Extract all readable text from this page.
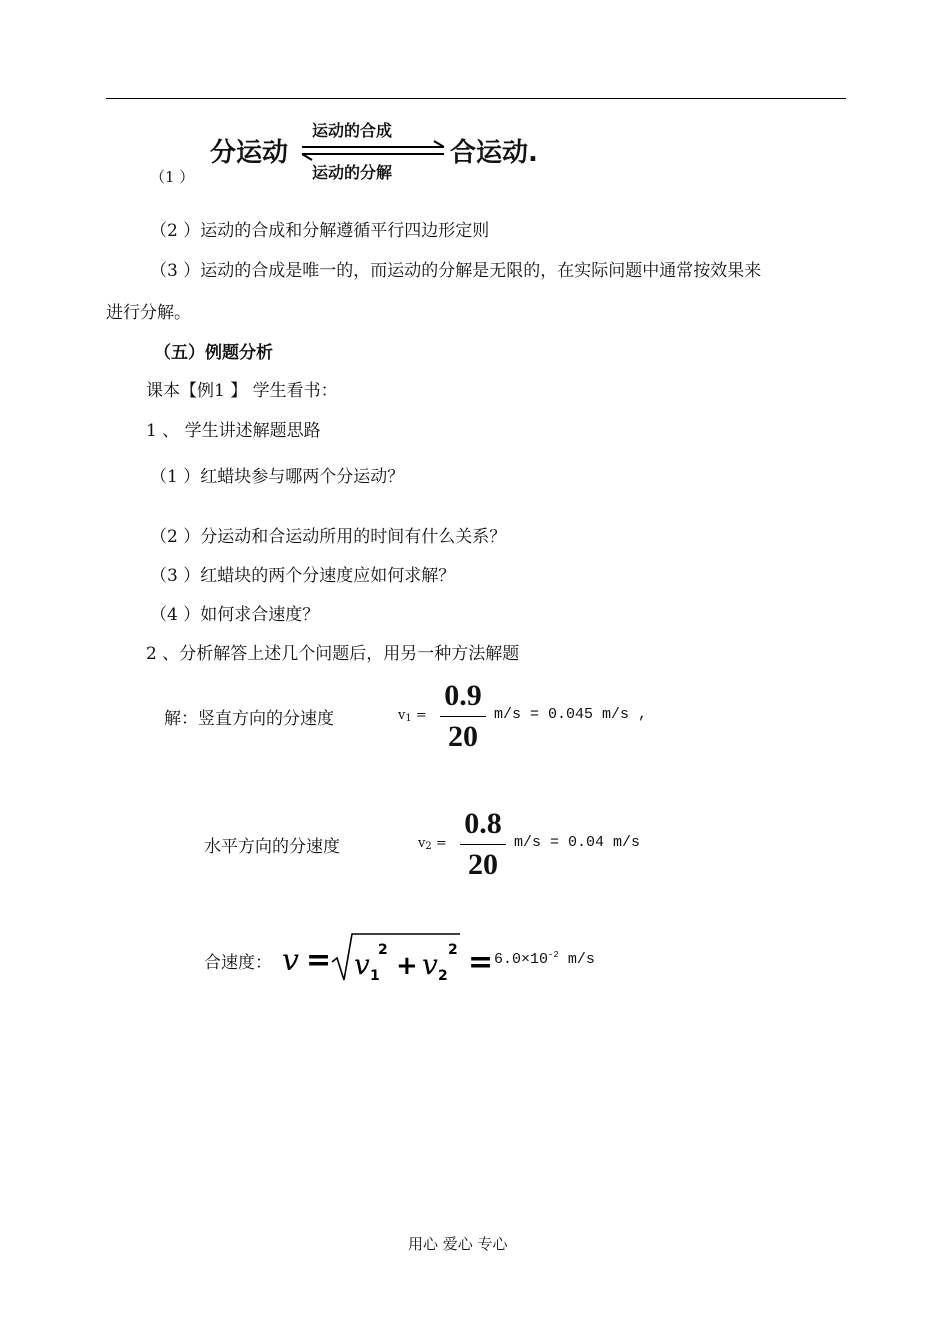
分运动
运动的合成
运动的分解
合运动.
（1 ）
（2 ）运动的合成和分解遵循平行四边形定则
（3 ）运动的合成是唯一的，而运动的分解是无限的，在实际问题中通常按效果来
进行分解。
（五）例题分析
课本【例1 】 学生看书：
1 、 学生讲述解题思路
（1 ）红蜡块参与哪两个分运动？
（2 ）分运动和合运动所用的时间有什么关系？
（3 ）红蜡块的两个分速度应如何求解？
（4 ）如何求合速度？
2 、分析解答上述几个问题后，用另一种方法解题
解：竖直方向的分速度	$v_1$ =
0.9
20
m/s = 0.045 m/s ,
水平方向的分速度	$v_2$ =
0.8
20
m/s = 0.04 m/s
合速度： v = v 1
2
+ v 2
$2 = 6.0\times 10^{-2}$ m/s
用心 爱心 专心
